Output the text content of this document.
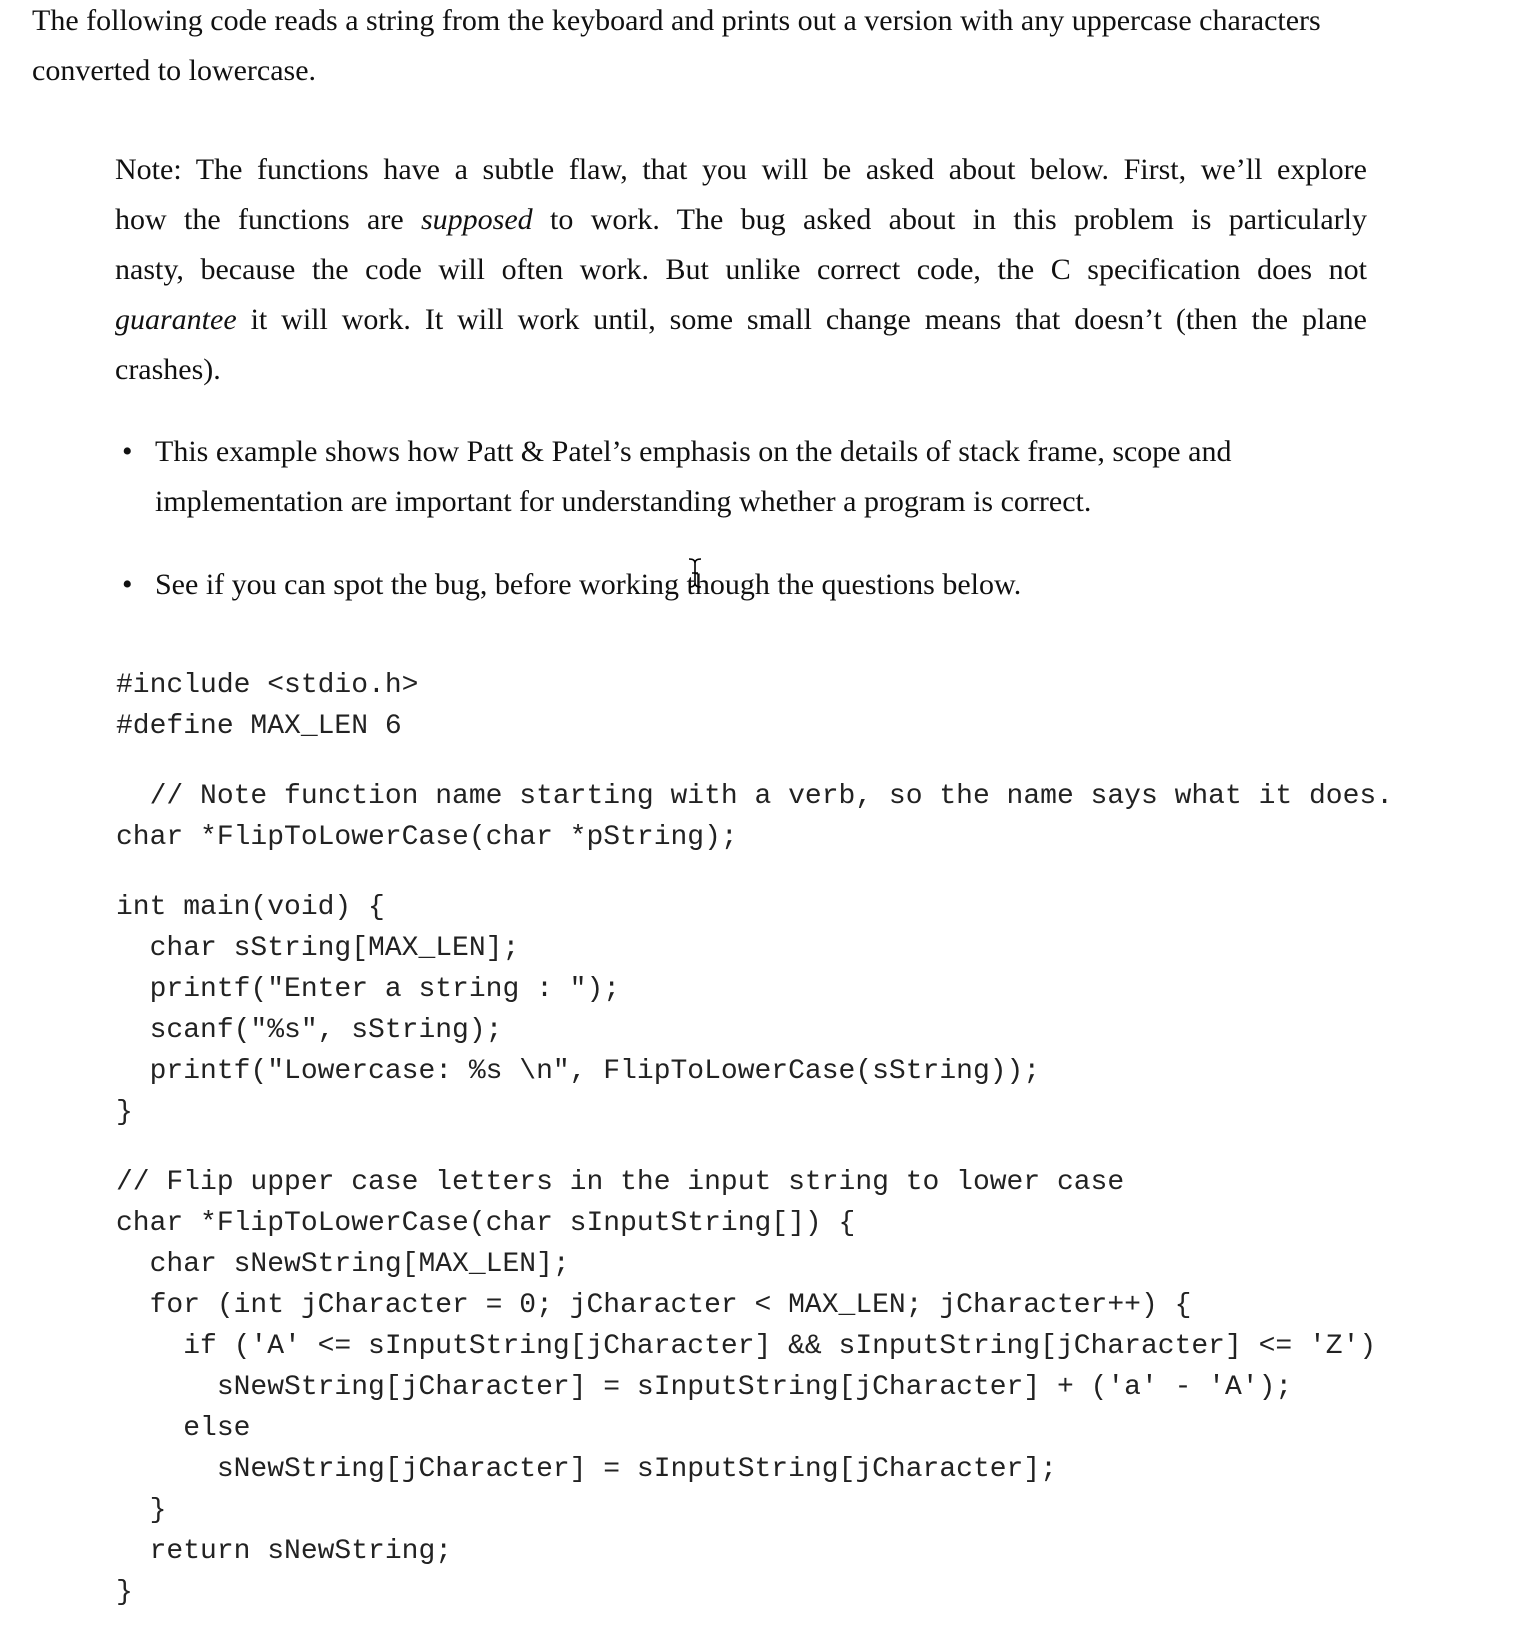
The following code reads a string from the keyboard and prints out a version with any uppercase characters
converted to lowercase.
Note: The functions have a subtle flaw, that you will be asked about below. First, we’ll explore
how the functions are supposed to work. The bug asked about in this problem is particularly
nasty, because the code will often work. But unlike correct code, the C specification does not
guarantee it will work. It will work until, some small change means that doesn’t (then the plane
crashes).
• This example shows how Patt & Patel’s emphasis on the details of stack frame, scope and
implementation are important for understanding whether a program is correct.
• See if you can spot the bug, before working though the questions below.
#include <stdio.h>
#define MAX_LEN 6
// Note function name starting with a verb, so the name says what it does.
char *FlipToLowerCase(char *pString);
int main(void) {
char sString[MAX_LEN];
printf("Enter a string : ");
scanf("%s", sString);
printf("Lowercase: %s \n", FlipToLowerCase(sString));
}
// Flip upper case letters in the input string to lower case
char *FlipToLowerCase(char sInputString[]) {
char sNewString[MAX_LEN];
for (int jCharacter = 0; jCharacter < MAX_LEN; jCharacter++) {
if ('A' <= sInputString[jCharacter] && sInputString[jCharacter] <= 'Z')
sNewString[jCharacter] = sInputString[jCharacter] + ('a' - 'A');
else
sNewString[jCharacter] = sInputString[jCharacter];
}
return sNewString;
}
